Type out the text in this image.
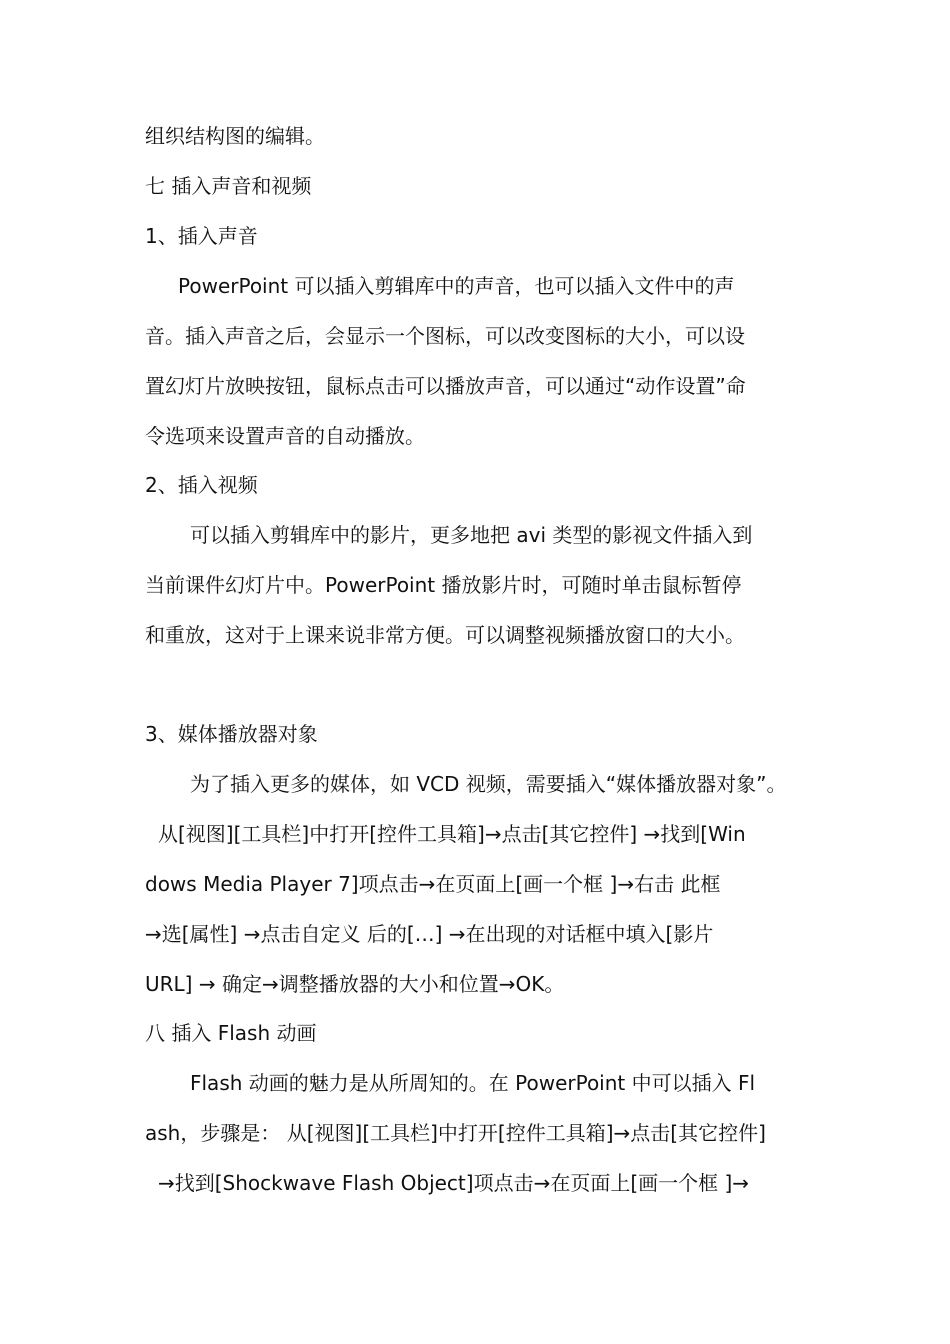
组织结构图的编辑。
七 插入声音和视频
1、插入声音
PowerPoint 可以插入剪辑库中的声音，也可以插入文件中的声
音。插入声音之后，会显示一个图标，可以改变图标的大小，可以设
置幻灯片放映按钮，鼠标点击可以播放声音，可以通过“动作设置”命
令选项来设置声音的自动播放。
2、插入视频
可以插入剪辑库中的影片，更多地把 avi 类型的影视文件插入到
当前课件幻灯片中。PowerPoint 播放影片时，可随时单击鼠标暂停
和重放，这对于上课来说非常方便。可以调整视频播放窗口的大小。
3、媒体播放器对象
为了插入更多的媒体，如 VCD 视频，需要插入“媒体播放器对象”。
从[视图][工具栏]中打开[控件工具箱]→点击[其它控件] →找到[Win
dows Media Player 7]项点击→在页面上[画一个框 ]→右击 此框
→选[属性] →点击自定义 后的[…] →在出现的对话框中填入[影片
URL] → 确定→调整播放器的大小和位置→OK。
八 插入 Flash 动画
Flash 动画的魅力是从所周知的。在 PowerPoint 中可以插入 Fl
ash，步骤是： 从[视图][工具栏]中打开[控件工具箱]→点击[其它控件]
→找到[Shockwave Flash Object]项点击→在页面上[画一个框 ]→
